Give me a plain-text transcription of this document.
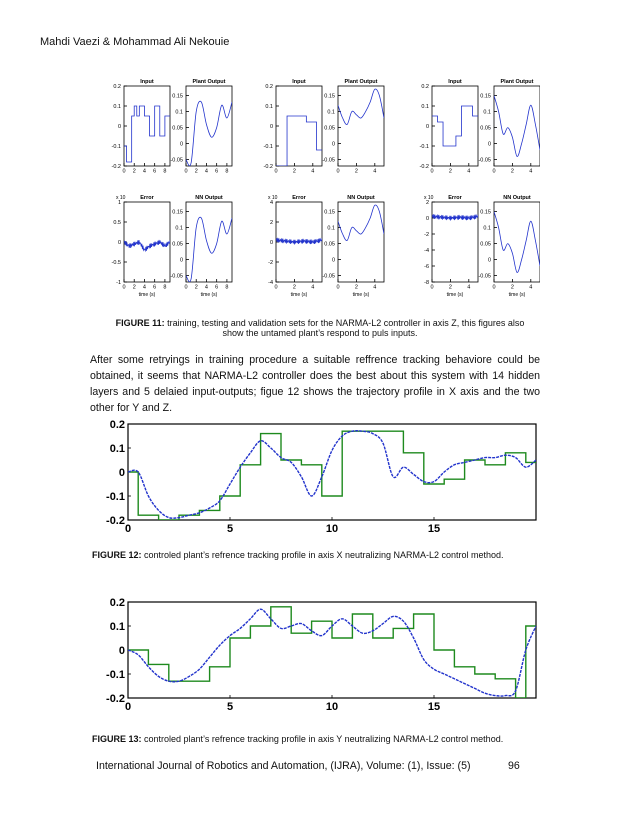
Mahdi Vaezi & Mohammad Ali Nekouie
0.2
0.1
0
-0.1
-0.2
0 2 4 6 8
Input
0.15
0.1
0.05
0
-0.05
0 2 4 6 8
Plant Output
1
0.5
0
-0.5
-1
0 2 4 6 8
Error
time (s)
x 10
0.15
0.1
0.05
0
-0.05
0 2 4 6 8
NN Output
time (s)
0.2
0.1
0
-0.1
-0.2
0	2	4
Input
0.15
0.1
0.05
0
-0.05
0	2	4
Plant Output
4
2
0
-2
-4
0	2	4
Error
time (s)
x 10
0.15
0.1
0.05
0
-0.05
0	2	4
NN Output
time (s)
0.2
0.1
0
-0.1
-0.2
0	2	4
Input
0.15
0.1
0.05
0
-0.05
0	2	4
Plant Output
2
0
-2
-4
-6
-8
0	2	4
Error
time (s)
x 10
0.15
0.1
0.05
0
-0.05
0	2	4
NN Output
time (s)
FIGURE 11: training, testing and validation sets for the NARMA-L2 controller in axis Z, this figures also
show the untamed plant’s respond to puls inputs.
After some retryings in training procedure a suitable reffrence tracking behaviore could be obtained, it seems that NARMA-L2 controller does the best about this system with 14 hidden layers and 5 delaied input-outputs; figue 12 shows the trajectory profile in X axis and the two other for Y and Z.
0.2
0.1
0
-0.1
-0.2
0	5	10	15
FIGURE 12: controled plant’s refrence tracking profile in axis X neutralizing NARMA-L2 control method.
0.2
0.1
0
-0.1
-0.2
0	5	10	15
FIGURE 13: controled plant’s refrence tracking profile in axis Y neutralizing NARMA-L2 control method.
International Journal of Robotics and Automation, (IJRA), Volume: (1), Issue: (5)	96
